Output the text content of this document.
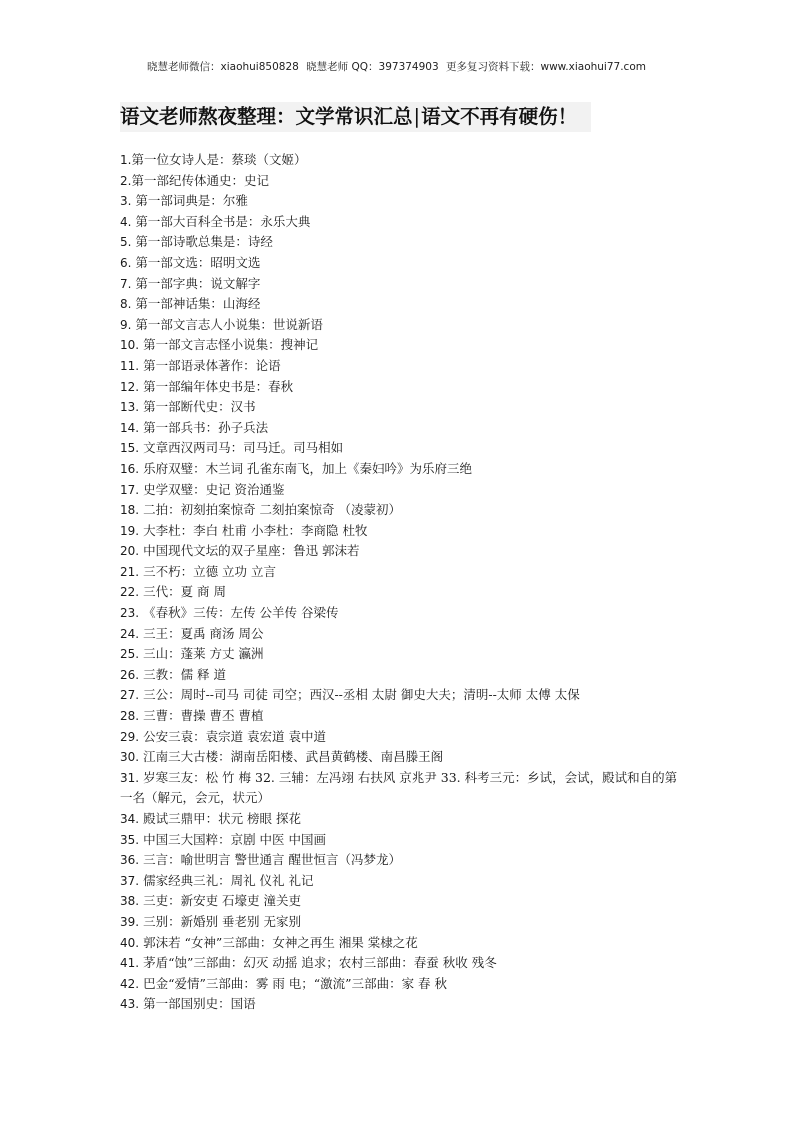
晓慧老师微信：xiaohui850828 晓慧老师 QQ：397374903 更多复习资料下载：www.xiaohui77.com
语文老师熬夜整理：文学常识汇总|语文不再有硬伤！
1.第一位女诗人是：蔡琰（文姬）
2.第一部纪传体通史：史记
3. 第一部词典是：尔雅
4. 第一部大百科全书是：永乐大典
5. 第一部诗歌总集是：诗经
6. 第一部文选：昭明文选
7. 第一部字典：说文解字
8. 第一部神话集：山海经
9. 第一部文言志人小说集：世说新语
10. 第一部文言志怪小说集：搜神记
11. 第一部语录体著作：论语
12. 第一部编年体史书是：春秋
13. 第一部断代史：汉书
14. 第一部兵书：孙子兵法
15. 文章西汉两司马：司马迁。司马相如
16. 乐府双璧：木兰词 孔雀东南飞，加上《秦妇吟》为乐府三绝
17. 史学双璧：史记 资治通鉴
18. 二拍：初刻拍案惊奇 二刻拍案惊奇 （凌蒙初）
19. 大李杜：李白 杜甫 小李杜：李商隐 杜牧
20. 中国现代文坛的双子星座：鲁迅 郭沫若
21. 三不朽：立德 立功 立言
22. 三代：夏 商 周
23. 《春秋》三传：左传 公羊传 谷梁传
24. 三王：夏禹 商汤 周公
25. 三山：蓬莱 方丈 瀛洲
26. 三教：儒 释 道
27. 三公：周时--司马 司徒 司空；西汉--丞相 太尉 御史大夫；清明--太师 太傅 太保
28. 三曹：曹操 曹丕 曹植
29. 公安三袁：袁宗道 袁宏道 袁中道
30. 江南三大古楼：湖南岳阳楼、武昌黄鹤楼、南昌滕王阁
31. 岁寒三友：松 竹 梅 32. 三辅：左冯翊 右扶风 京兆尹 33. 科考三元：乡试，会试，殿试和自的第一名（解元，会元，状元）
34. 殿试三鼎甲：状元 榜眼 探花
35. 中国三大国粹：京剧 中医 中国画
36. 三言：喻世明言 警世通言 醒世恒言（冯梦龙）
37. 儒家经典三礼：周礼 仪礼 礼记
38. 三吏：新安吏 石壕吏 潼关吏
39. 三别：新婚别 垂老别 无家别
40. 郭沫若 “女神”三部曲：女神之再生 湘果 棠棣之花
41. 茅盾“蚀”三部曲：幻灭 动摇 追求；农村三部曲：春蚕 秋收 残冬
42. 巴金“爱情”三部曲：雾 雨 电；“激流”三部曲：家 春 秋
43. 第一部国别史：国语
